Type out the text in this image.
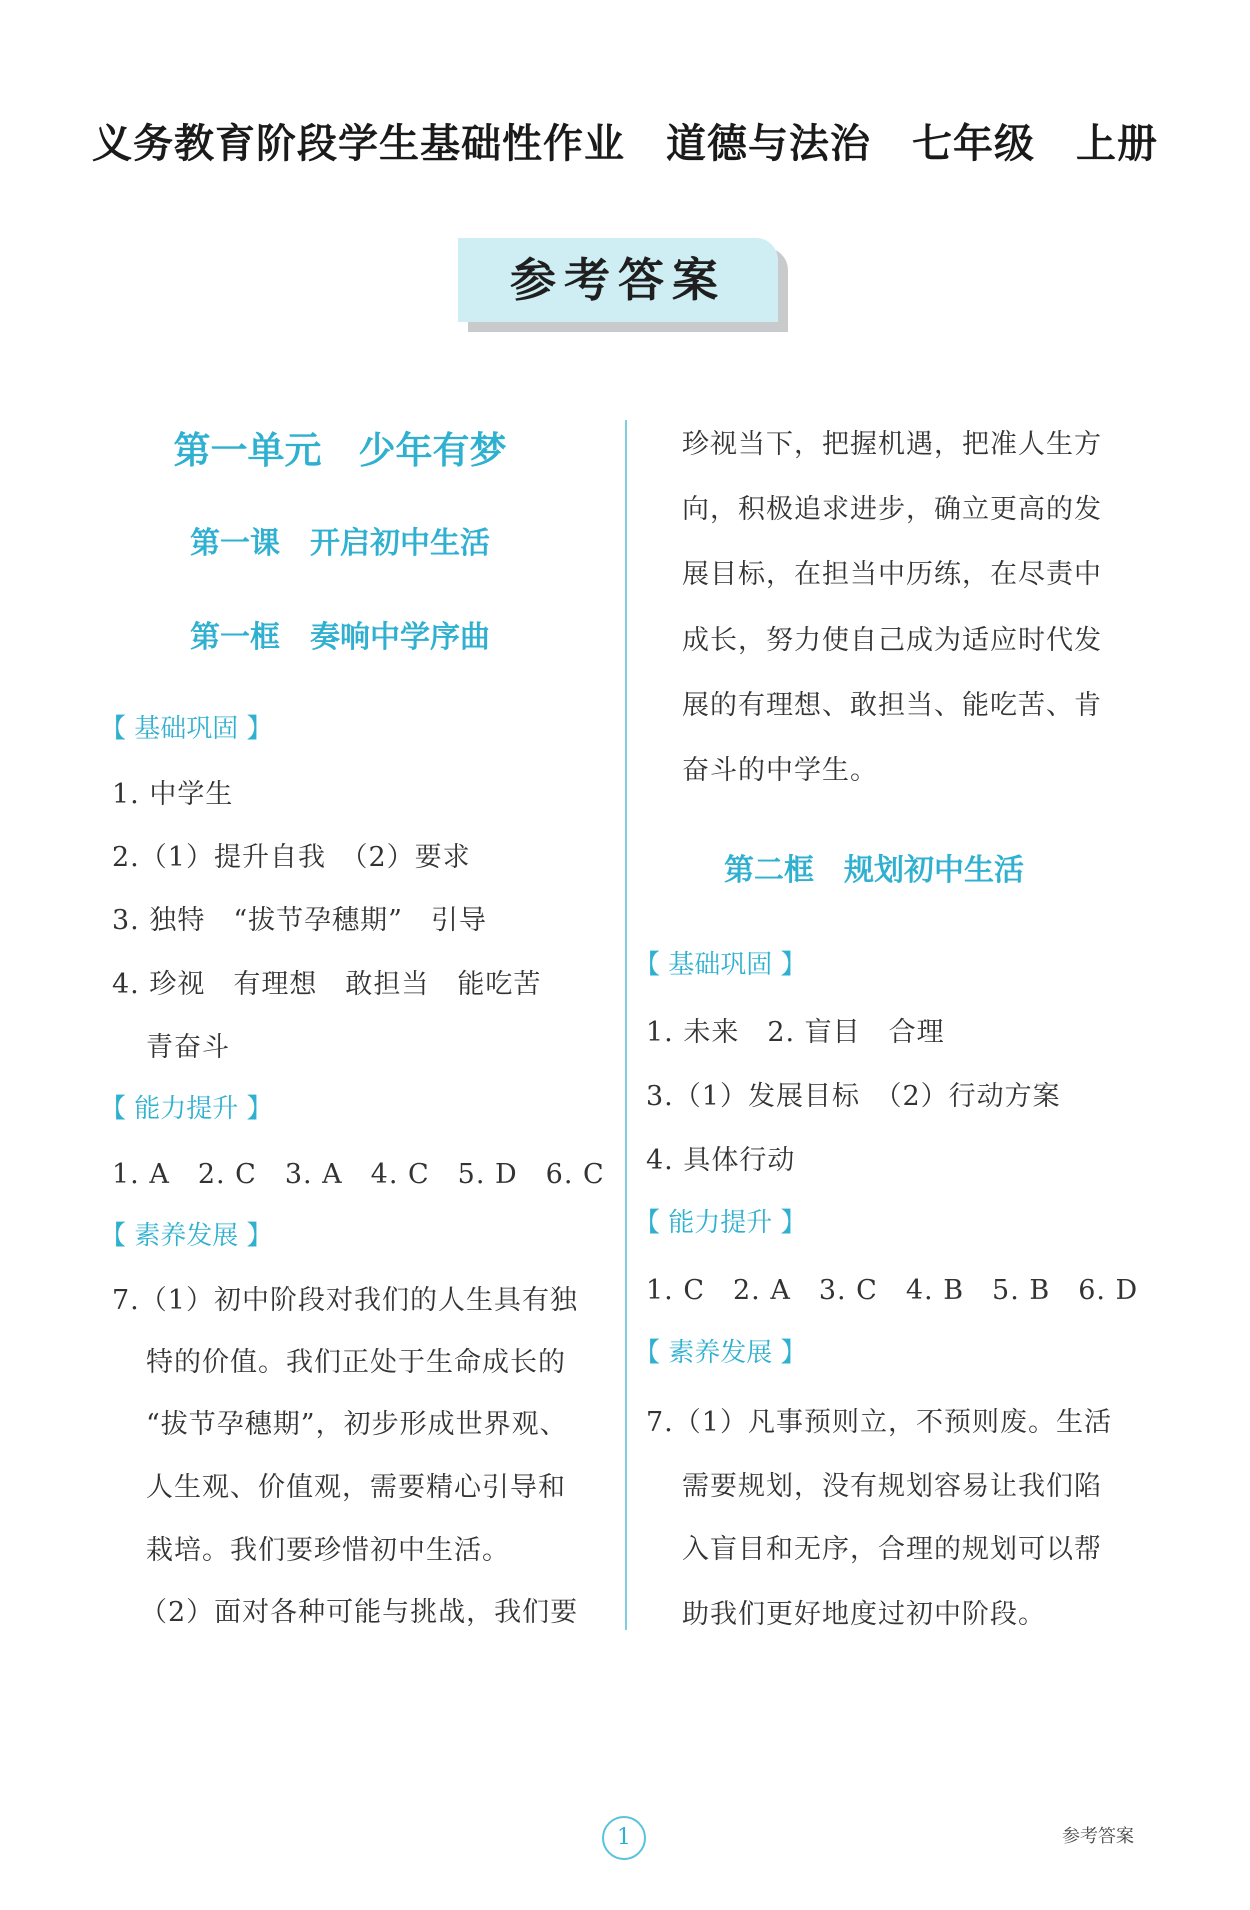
义务教育阶段学生基础性作业　道德与法治　七年级　上册
参考答案
第一单元　少年有梦
第一课　开启初中生活
第一框　奏响中学序曲
【 基础巩固 】
1. 中学生
2.（1）提升自我　（2）要求
3. 独特　“拔节孕穗期”　引导
4. 珍视　有理想　敢担当　能吃苦
青奋斗
【 能力提升 】
1. A　2. C　3. A　4. C　5. D　6. C
【 素养发展 】
7.（1）初中阶段对我们的人生具有独
特的价值。我们正处于生命成长的
“拔节孕穗期”，初步形成世界观、
人生观、价值观，需要精心引导和
栽培。我们要珍惜初中生活。
（2）面对各种可能与挑战，我们要
珍视当下，把握机遇，把准人生方
向，积极追求进步，确立更高的发
展目标，在担当中历练，在尽责中
成长，努力使自己成为适应时代发
展的有理想、敢担当、能吃苦、肯
奋斗的中学生。
第二框　规划初中生活
【 基础巩固 】
1. 未来　2. 盲目　合理
3.（1）发展目标　（2）行动方案
4. 具体行动
【 能力提升 】
1. C　2. A　3. C　4. B　5. B　6. D
【 素养发展 】
7.（1）凡事预则立，不预则废。生活
需要规划，没有规划容易让我们陷
入盲目和无序，合理的规划可以帮
助我们更好地度过初中阶段。
1	参考答案
